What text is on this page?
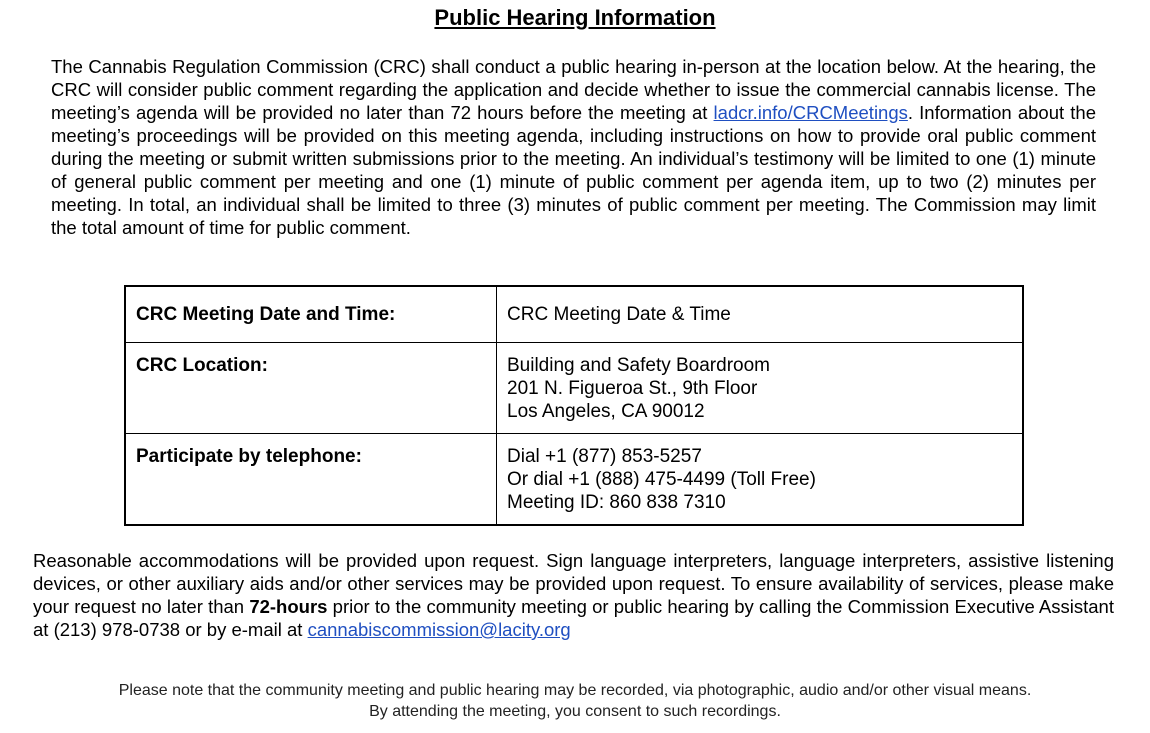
Public Hearing Information
The Cannabis Regulation Commission (CRC) shall conduct a public hearing in-person at the location below. At the hearing, the CRC will consider public comment regarding the application and decide whether to issue the commercial cannabis license. The meeting’s agenda will be provided no later than 72 hours before the meeting at ladcr.info/CRCMeetings. Information about the meeting’s proceedings will be provided on this meeting agenda, including instructions on how to provide oral public comment during the meeting or submit written submissions prior to the meeting. An individual’s testimony will be limited to one (1) minute of general public comment per meeting and one (1) minute of public comment per agenda item, up to two (2) minutes per meeting. In total, an individual shall be limited to three (3) minutes of public comment per meeting. The Commission may limit the total amount of time for public comment.
CRC Meeting Date and Time:	CRC Meeting Date & Time

CRC Location:	Building and Safety Boardroom
201 N. Figueroa St., 9th Floor
Los Angeles, CA 90012

Participate by telephone:	Dial +1 (877) 853-5257
Or dial +1 (888) 475-4499 (Toll Free)
Meeting ID: 860 838 7310
Reasonable accommodations will be provided upon request. Sign language interpreters, language interpreters, assistive listening devices, or other auxiliary aids and/or other services may be provided upon request. To ensure availability of services, please make your request no later than 72-hours prior to the community meeting or public hearing by calling the Commission Executive Assistant at (213) 978-0738 or by e-mail at cannabiscommission@lacity.org
Please note that the community meeting and public hearing may be recorded, via photographic, audio and/or other visual means.
By attending the meeting, you consent to such recordings.
